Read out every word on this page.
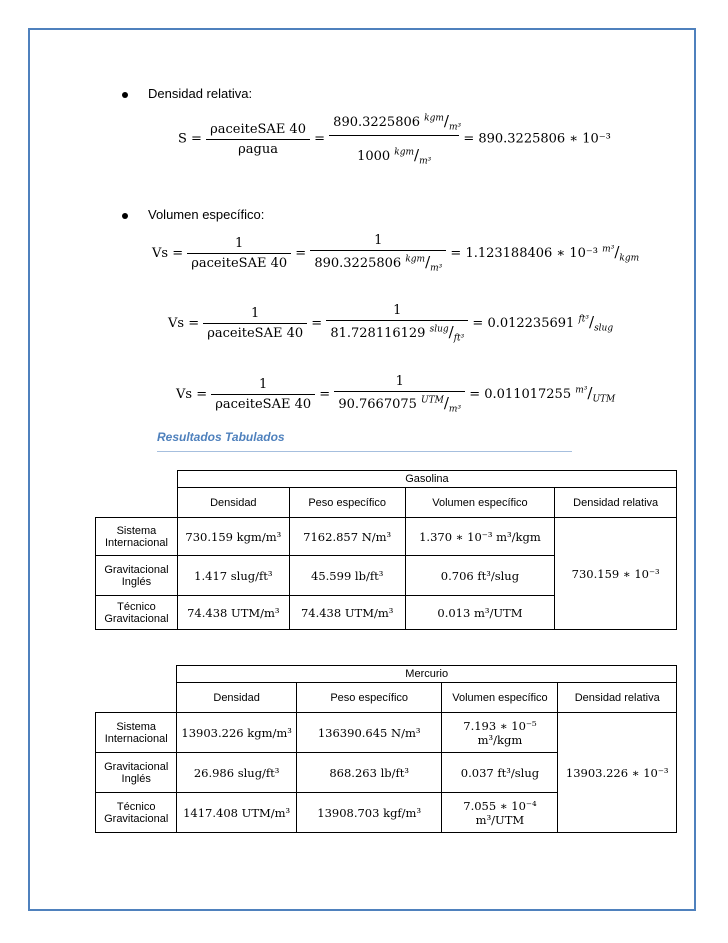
Densidad relativa:
$S = \frac{\text{ρaceiteSAE 40}}{\text{ρagua}} = \frac{890.3225806 ^{kgm}/_{m^3}}{1000 ^{kgm}/_{m^3}} = 890.3225806$ ∗ 10⁻³
Volumen específico:
$Vs = \frac{1}{\text{ρaceiteSAE 40}} = \frac{1}{890.3225806 ^{kgm}/_{m^3}} = 1.123188406$ ∗ 10⁻³ $^{m^3}/_{kgm}$
$Vs = \frac{1}{\text{ρaceiteSAE 40}} = \frac{1}{81.728116129 ^{slug}/_{ft^3}} = 0.012235691$ $^{ft^3}/_{slug}$
$Vs = \frac{1}{\text{ρaceiteSAE 40}} = \frac{1}{90.7667075 ^{UTM}/_{m^3}} = 0.011017255$ $^{m^3}/_{UTM}$
Resultados Tabulados
	Gasolina			
	Densidad	Peso específico	Volumen específico	Densidad relativa
Sistema Internacional	730.159 kgm/m³	7162.857 N/m³	1.370 ∗ 10⁻³ m³/kgm	730.159 ∗ 10⁻³
Gravitacional Inglés	1.417 slug/ft³	45.599 lb/ft³	0.706 ft³/slug	
Técnico Gravitacional	74.438 UTM/m³	74.438 UTM/m³	0.013 m³/UTM	
	Mercurio			
	Densidad	Peso específico	Volumen específico	Densidad relativa
Sistema Internacional	13903.226 kgm/m³	136390.645 N/m³	7.193 ∗ 10⁻⁵ m³/kgm	13903.226 ∗ 10⁻³
Gravitacional Inglés	26.986 slug/ft³	868.263 lb/ft³	0.037 ft³/slug	
Técnico Gravitacional	1417.408 UTM/m³	13908.703 kgf/m³	7.055 ∗ 10⁻⁴ m³/UTM	
